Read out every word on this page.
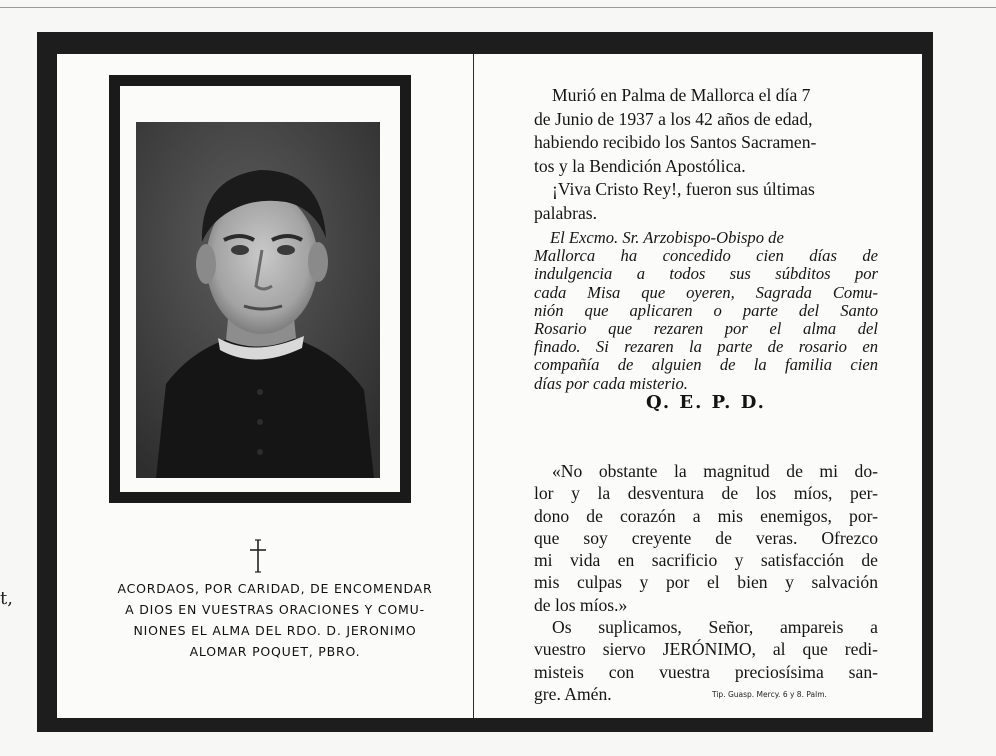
t,	ACORDAOS, POR CARIDAD, DE ENCOMENDAR
A DIOS EN VUESTRAS ORACIONES Y COMU-
NIONES EL ALMA DEL RDO. D. JERONIMO
ALOMAR POQUET, PBRO.
Murió en Palma de Mallorca el día 7
de Junio de 1937 a los 42 años de edad,
habiendo recibido los Santos Sacramen-
tos y la Bendición Apostólica.
¡Viva Cristo Rey!, fueron sus últimas
palabras.
El Excmo. Sr. Arzobispo-Obispo de
Mallorca ha concedido cien días de
indulgencia a todos sus súbditos por
cada Misa que oyeren, Sagrada Comu-
nión que aplicaren o parte del Santo
Rosario que rezaren por el alma del
finado. Si rezaren la parte de rosario en
compañía de alguien de la familia cien
días por cada misterio.
Q. E. P. D.
«No obstante la magnitud de mi do-
lor y la desventura de los míos, per-
dono de corazón a mis enemigos, por-
que soy creyente de veras. Ofrezco
mi vida en sacrificio y satisfacción de
mis culpas y por el bien y salvación
de los míos.»
Os suplicamos, Señor, ampareis a
vuestro siervo JERÓNIMO, al que redi-
misteis con vuestra preciosísima san-
gre. Amén.	Tip. Guasp. Mercy. 6 y 8. Palm.
